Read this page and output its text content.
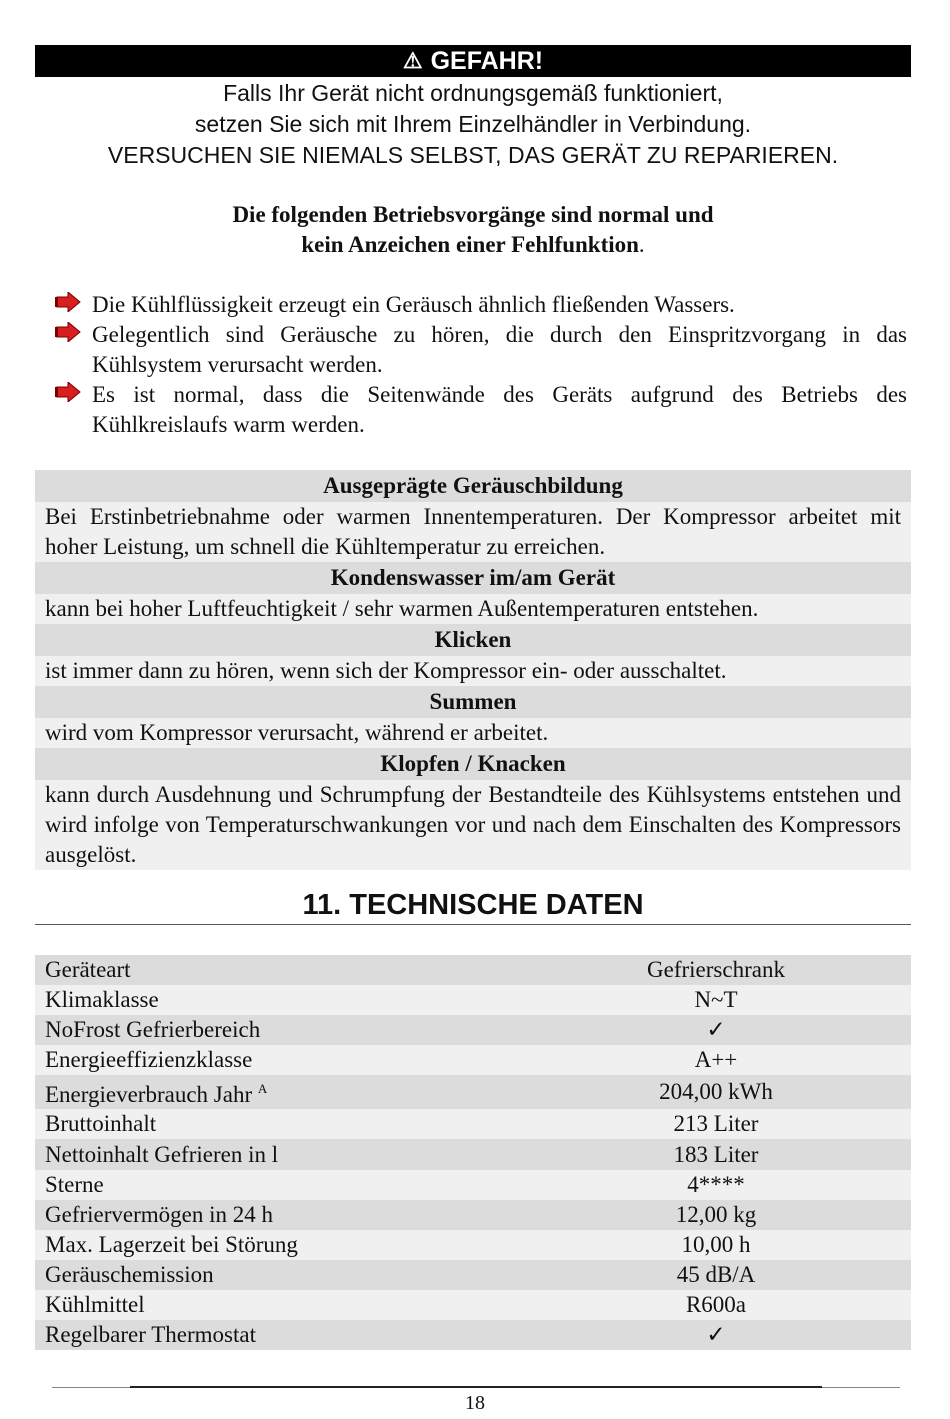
⚠ GEFAHR!
Falls Ihr Gerät nicht ordnungsgemäß funktioniert,
setzen Sie sich mit Ihrem Einzelhändler in Verbindung.
VERSUCHEN SIE NIEMALS SELBST, DAS GERÄT ZU REPARIEREN.
Die folgenden Betriebsvorgänge sind normal und
kein Anzeichen einer Fehlfunktion.
Die Kühlflüssigkeit erzeugt ein Geräusch ähnlich fließenden Wassers.
Gelegentlich sind Geräusche zu hören, die durch den Einspritzvorgang in das Kühlsystem verursacht werden.
Es ist normal, dass die Seitenwände des Geräts aufgrund des Betriebs des Kühlkreislaufs warm werden.
Ausgeprägte Geräuschbildung
Bei Erstinbetriebnahme oder warmen Innentemperaturen. Der Kompressor arbeitet mit hoher Leistung, um schnell die Kühltemperatur zu erreichen.
Kondenswasser im/am Gerät
kann bei hoher Luftfeuchtigkeit / sehr warmen Außentemperaturen entstehen.
Klicken
ist immer dann zu hören, wenn sich der Kompressor ein- oder ausschaltet.
Summen
wird vom Kompressor verursacht, während er arbeitet.
Klopfen / Knacken
kann durch Ausdehnung und Schrumpfung der Bestandteile des Kühlsystems entstehen und wird infolge von Temperaturschwankungen vor und nach dem Einschalten des Kompressors ausgelöst.
11. TECHNISCHE DATEN
Geräteart	Gefrierschrank
Klimaklasse	N~T
NoFrost Gefrierbereich	✓
Energieeffizienzklasse	A++
Energieverbrauch Jahr $^A$	204,00 kWh
Bruttoinhalt	213 Liter
Nettoinhalt Gefrieren in l	183 Liter
Sterne	4****
Gefriervermögen in 24 h	12,00 kg
Max. Lagerzeit bei Störung	10,00 h
Geräuschemission	45 dB/A
Kühlmittel	R600a
Regelbarer Thermostat	✓
18
